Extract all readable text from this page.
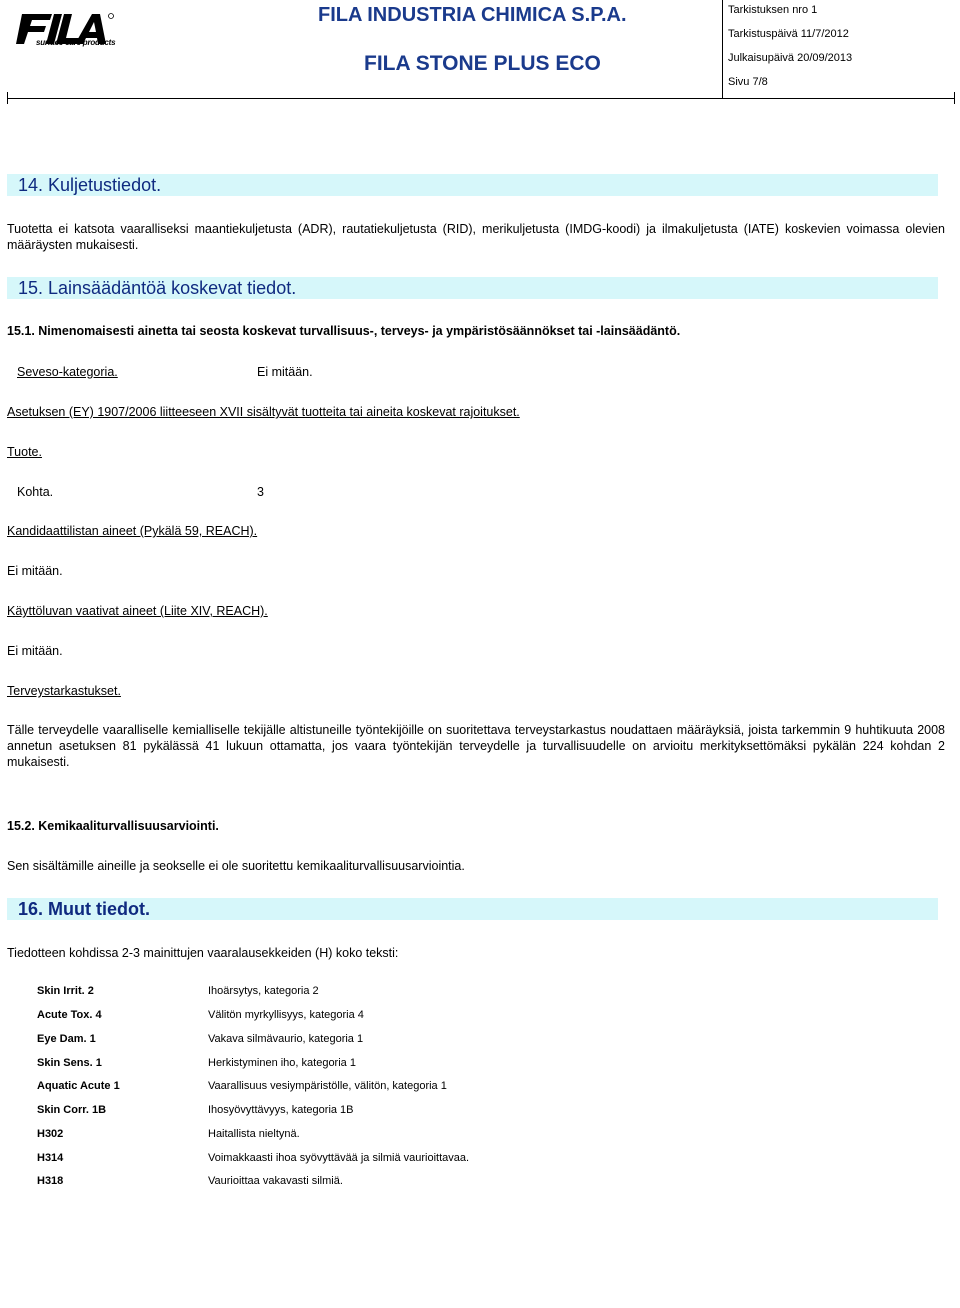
surface care products
FILA INDUSTRIA CHIMICA S.P.A.
FILA STONE PLUS ECO
Tarkistuksen nro 1
Tarkistuspäivä 11/7/2012
Julkaisupäivä 20/09/2013
Sivu 7/8
14. Kuljetustiedot.
Tuotetta ei katsota vaaralliseksi maantiekuljetusta (ADR), rautatiekuljetusta (RID), merikuljetusta (IMDG-koodi) ja ilmakuljetusta (IATE) koskevien voimassa olevien määräysten mukaisesti.
15. Lainsäädäntöä koskevat tiedot.
15.1. Nimenomaisesti ainetta tai seosta koskevat turvallisuus-, terveys- ja ympäristösäännökset tai -lainsäädäntö.
Seveso-kategoria.	Ei mitään.
Asetuksen (EY) 1907/2006 liitteeseen XVII sisältyvät tuotteita tai aineita koskevat rajoitukset.
Tuote.
Kohta.	3
Kandidaattilistan aineet (Pykälä 59, REACH).
Ei mitään.
Käyttöluvan vaativat aineet (Liite XIV, REACH).
Ei mitään.
Terveystarkastukset.
Tälle terveydelle vaaralliselle kemialliselle tekijälle altistuneille työntekijöille on suoritettava terveystarkastus noudattaen määräyksiä, joista tarkemmin 9 huhtikuuta 2008 annetun asetuksen 81 pykälässä 41 lukuun ottamatta, jos vaara työntekijän terveydelle ja turvallisuudelle on arvioitu merkityksettömäksi pykälän 224 kohdan 2 mukaisesti.
15.2. Kemikaaliturvallisuusarviointi.
Sen sisältämille aineille ja seokselle ei ole suoritettu kemikaaliturvallisuusarviointia.
16. Muut tiedot.
Tiedotteen kohdissa 2-3 mainittujen vaaralausekkeiden (H) koko teksti:
Skin Irrit. 2	Ihoärsytys, kategoria 2
Acute Tox. 4	Välitön myrkyllisyys, kategoria 4
Eye Dam. 1	Vakava silmävaurio, kategoria 1
Skin Sens. 1	Herkistyminen iho, kategoria 1
Aquatic Acute 1	Vaarallisuus vesiympäristölle, välitön, kategoria 1
Skin Corr. 1B	Ihosyövyttävyys, kategoria 1B
H302	Haitallista nieltynä.
H314	Voimakkaasti ihoa syövyttävää ja silmiä vaurioittavaa.
H318	Vaurioittaa vakavasti silmiä.
